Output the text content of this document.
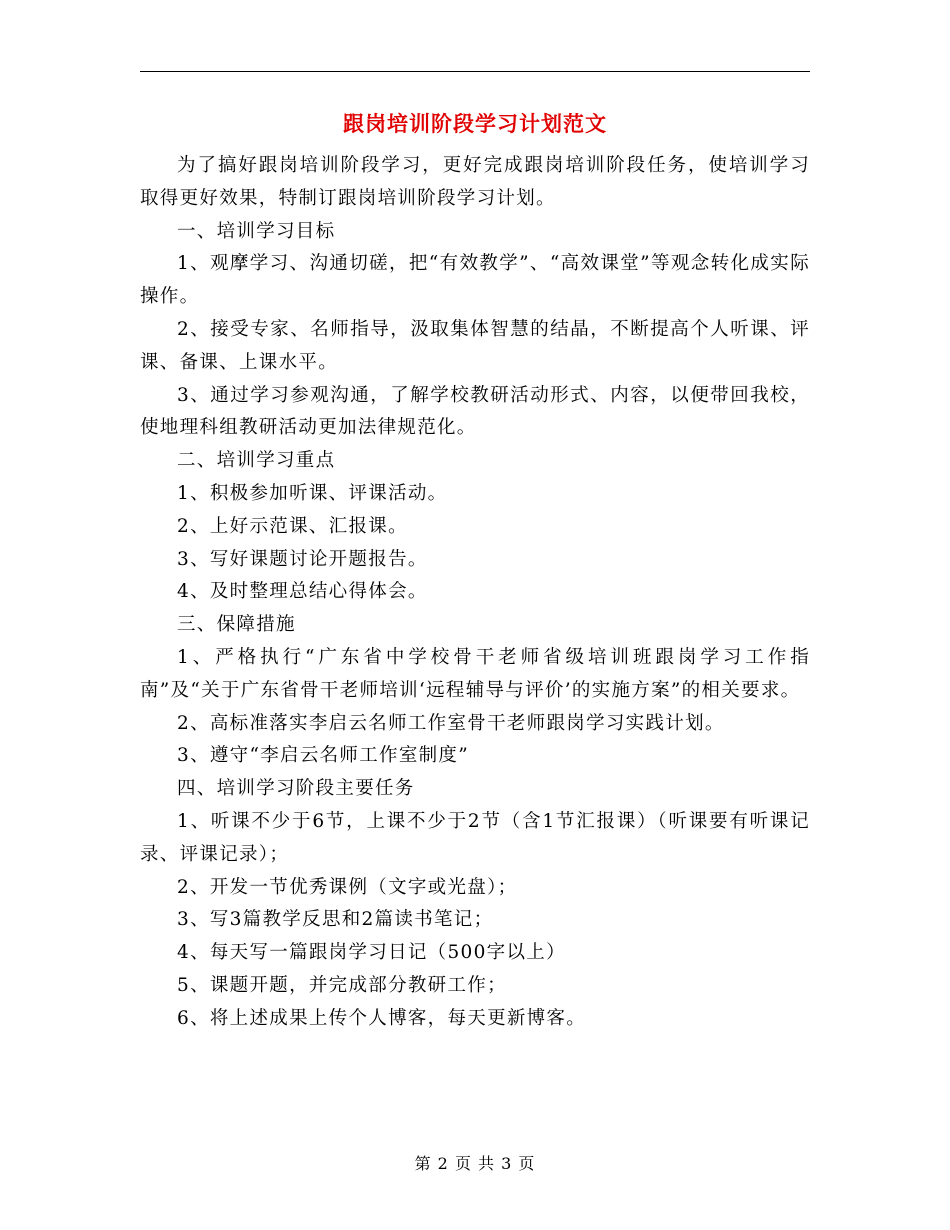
跟岗培训阶段学习计划范文

为了搞好跟岗培训阶段学习，更好完成跟岗培训阶段任务，使培训学习取得更好效果，特制订跟岗培训阶段学习计划。

一、培训学习目标

1、观摩学习、沟通切磋，把“有效教学”、“高效课堂”等观念转化成实际操作。

2、接受专家、名师指导，汲取集体智慧的结晶，不断提高个人听课、评课、备课、上课水平。

3、通过学习参观沟通，了解学校教研活动形式、内容，以便带回我校，使地理科组教研活动更加法律规范化。

二、培训学习重点

1、积极参加听课、评课活动。

2、上好示范课、汇报课。

3、写好课题讨论开题报告。

4、及时整理总结心得体会。

三、保障措施

1、严格执行“广东省中学校骨干老师省级培训班跟岗学习工作指南”及“关于广东省骨干老师培训‘远程辅导与评价’的实施方案”的相关要求。

2、高标准落实李启云名师工作室骨干老师跟岗学习实践计划。

3、遵守“李启云名师工作室制度”

四、培训学习阶段主要任务

1、听课不少于6节，上课不少于2节（含1节汇报课）（听课要有听课记录、评课记录）；

2、开发一节优秀课例（文字或光盘）；

3、写3篇教学反思和2篇读书笔记；

4、每天写一篇跟岗学习日记（500字以上）

5、课题开题，并完成部分教研工作；

6、将上述成果上传个人博客，每天更新博客。

第 2 页 共 3 页
